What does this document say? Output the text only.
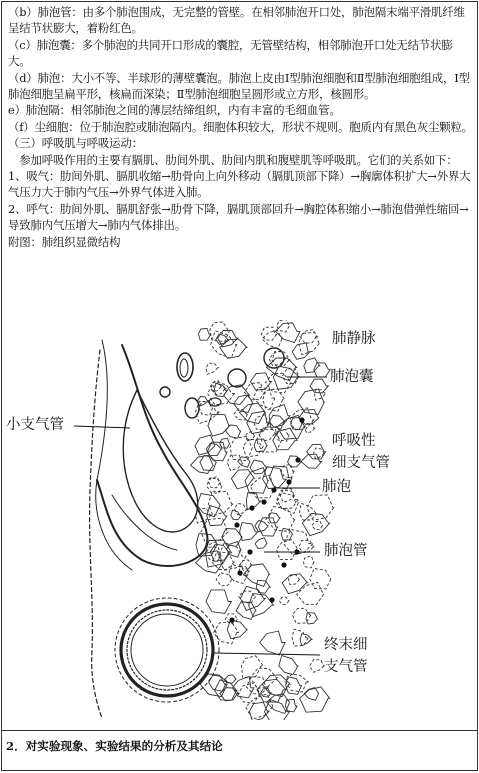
（b）肺泡管：由多个肺泡围成，无完整的管壁。在相邻肺泡开口处，肺泡隔末端平滑肌纤维呈结节状膨大，着粉红色。

（c）肺泡囊：多个肺泡的共同开口形成的囊腔，无管壁结构，相邻肺泡开口处无结节状膨大。

（d）肺泡：大小不等、半球形的薄壁囊泡。肺泡上皮由Ⅰ型肺泡细胞和Ⅱ型肺泡细胞组成，Ⅰ型肺泡细胞呈扁平形，核扁而深染；Ⅱ型肺泡细胞呈圆形或立方形，核圆形。

e）肺泡隔：相邻肺泡之间的薄层结缔组织，内有丰富的毛细血管。

（f）尘细胞：位于肺泡腔或肺泡隔内。细胞体积较大，形状不规则。胞质内有黑色灰尘颗粒。

（三）呼吸肌与呼吸运动：

　参加呼吸作用的主要有膈肌、肋间外肌、肋间内肌和腹壁肌等呼吸肌。它们的关系如下：

1、吸气：肋间外肌、膈肌收缩→肋骨向上向外移动（膈肌顶部下降）→胸廓体积扩大→外界大气压力大于肺内气压→外界气体进入肺。

2、呼气：肋间外肌、膈肌舒张→肋骨下降，膈肌顶部回升→胸腔体积缩小→肺泡借弹性缩回→导致肺内气压增大→肺内气体排出。

附图：肺组织显微结构

肺静脉
肺泡囊
小支气管
呼吸性
细支气管
肺泡
肺泡管
终末细
支气管
2．对实验现象、实验结果的分析及其结论
